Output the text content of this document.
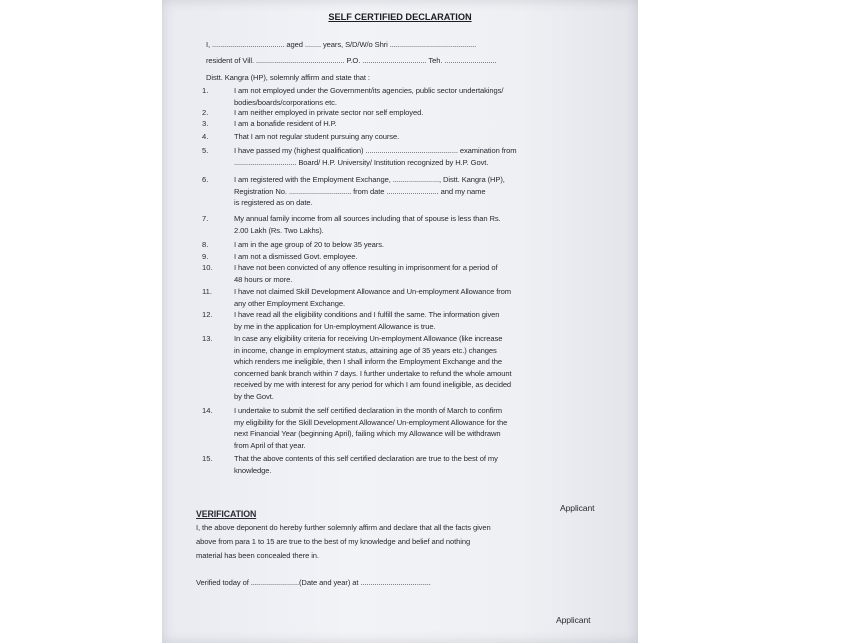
SELF CERTIFIED DECLARATION
I, .................................... aged ........ years, S/D/W/o Shri ...........................................
resident of Vill. ............................................ P.O. ................................ Teh. ..........................
Distt. Kangra (HP), solemnly affirm and state that :
1.	I am not employed under the Government/its agencies, public sector undertakings/
bodies/boards/corporations etc.
2.	I am neither employed in private sector nor self employed.
3.	I am a bonafide resident of H.P.
4.	That I am not regular student pursuing any course.
5.	I have passed my (highest qualification) .............................................. examination from
............................... Board/ H.P. University/ Institution recognized by H.P. Govt.
6.	I am registered with the Employment Exchange, ......................., Distt. Kangra (HP),
Registration No. ............................... from date .......................... and my name
is registered as on date.
7.	My annual family income from all sources including that of spouse is less than Rs.
2.00 Lakh (Rs. Two Lakhs).
8.	I am in the age group of 20 to below 35 years.
9.	I am not a dismissed Govt. employee.
10.	I have not been convicted of any offence resulting in imprisonment for a period of
48 hours or more.
11.	I have not claimed Skill Development Allowance and Un-employment Allowance from
any other Employment Exchange.
12.	I have read all the eligibility conditions and I fulfill the same. The information given
by me in the application for Un-employment Allowance is true.
13.	In case any eligibility criteria for receiving Un-employment Allowance (like increase
in income, change in employment status, attaining age of 35 years etc.) changes
which renders me ineligible, then I shall inform the Employment Exchange and the
concerned bank branch within 7 days. I further undertake to refund the whole amount
received by me with interest for any period for which I am found ineligible, as decided
by the Govt.
14.	I undertake to submit the self certified declaration in the month of March to confirm
my eligibility for the Skill Development Allowance/ Un-employment Allowance for the
next Financial Year (beginning April), failing which my Allowance will be withdrawn
from April of that year.
15.	That the above contents of this self certified declaration are true to the best of my
knowledge.
Applicant
VERIFICATION
I, the above deponent do hereby further solemnly affirm and declare that all the facts given
above from para 1 to 15 are true to the best of my knowledge and belief and nothing
material has been concealed there in.
Verified today of ........................(Date and year) at ...................................
Applicant
